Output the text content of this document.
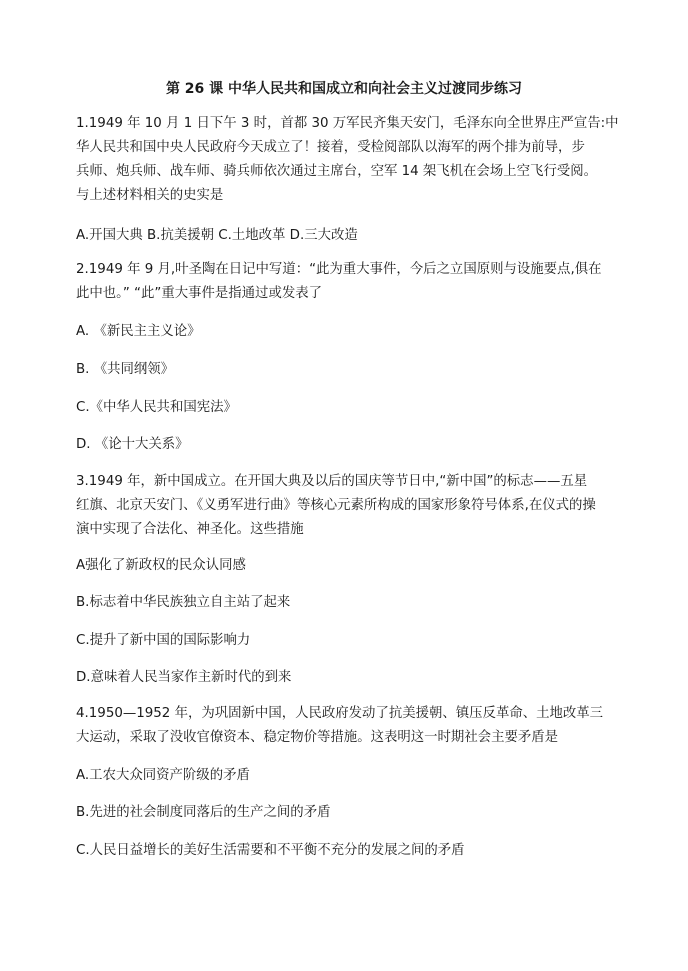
第 26 课 中华人民共和国成立和向社会主义过渡同步练习
1.1949 年 10 月 1 日下午 3 时，首都 30 万军民齐集天安门，毛泽东向全世界庄严宣告:中
华人民共和国中央人民政府今天成立了！接着，受检阅部队以海军的两个排为前导，步
兵师、炮兵师、战车师、骑兵师依次通过主席台，空军 14 架飞机在会场上空飞行受阅。
与上述材料相关的史实是
A.开国大典 B.抗美援朝 C.土地改革 D.三大改造
2.1949 年 9 月,叶圣陶在日记中写道：“此为重大事件，今后之立国原则与设施要点,俱在
此中也。” “此”重大事件是指通过或发表了
A. 《新民主主义论》
B. 《共同纲领》
C.《中华人民共和国宪法》
D. 《论十大关系》
3.1949 年，新中国成立。在开国大典及以后的国庆等节日中,“新中国”的标志——五星
红旗、北京天安门、《义勇军进行曲》等核心元素所构成的国家形象符号体系,在仪式的操
演中实现了合法化、神圣化。这些措施
A强化了新政权的民众认同感
B.标志着中华民族独立自主站了起来
C.提升了新中国的国际影响力
D.意味着人民当家作主新时代的到来
4.1950—1952 年，为巩固新中国，人民政府发动了抗美援朝、镇压反革命、土地改革三
大运动，采取了没收官僚资本、稳定物价等措施。这表明这一时期社会主要矛盾是
A.工农大众同资产阶级的矛盾
B.先进的社会制度同落后的生产之间的矛盾
C.人民日益增长的美好生活需要和不平衡不充分的发展之间的矛盾
